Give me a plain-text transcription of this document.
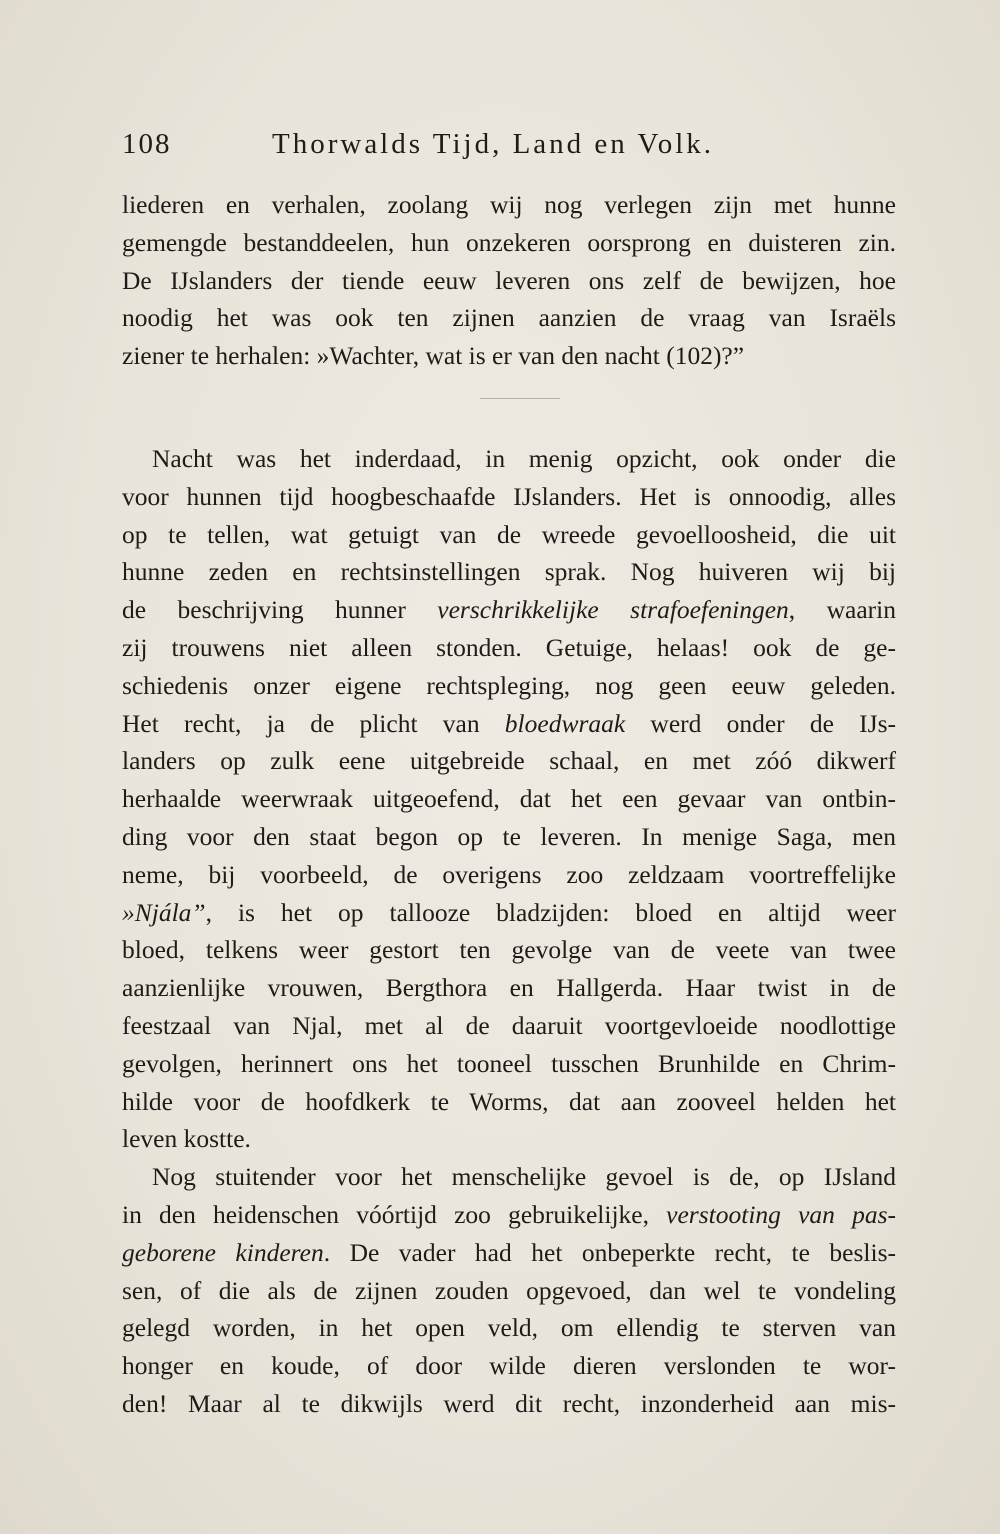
108	Thorwalds Tijd, Land en Volk.
liederen en verhalen, zoolang wij nog verlegen zijn met hunne
gemengde bestanddeelen, hun onzekeren oorsprong en duisteren zin.
De IJslanders der tiende eeuw leveren ons zelf de bewijzen, hoe
noodig het was ook ten zijnen aanzien de vraag van Israëls
ziener te herhalen: »Wachter, wat is er van den nacht (102)?”
Nacht was het inderdaad, in menig opzicht, ook onder die
voor hunnen tijd hoogbeschaafde IJslanders. Het is onnoodig, alles
op te tellen, wat getuigt van de wreede gevoelloosheid, die uit
hunne zeden en rechtsinstellingen sprak. Nog huiveren wij bij
de beschrijving hunner verschrikkelijke strafoefeningen, waarin
zij trouwens niet alleen stonden. Getuige, helaas! ook de ge-
schiedenis onzer eigene rechtspleging, nog geen eeuw geleden.
Het recht, ja de plicht van bloedwraak werd onder de IJs-
landers op zulk eene uitgebreide schaal, en met zóó dikwerf
herhaalde weerwraak uitgeoefend, dat het een gevaar van ontbin-
ding voor den staat begon op te leveren. In menige Saga, men
neme, bij voorbeeld, de overigens zoo zeldzaam voortreffelijke
»Njála”, is het op tallooze bladzijden: bloed en altijd weer
bloed, telkens weer gestort ten gevolge van de veete van twee
aanzienlijke vrouwen, Bergthora en Hallgerda. Haar twist in de
feestzaal van Njal, met al de daaruit voortgevloeide noodlottige
gevolgen, herinnert ons het tooneel tusschen Brunhilde en Chrim-
hilde voor de hoofdkerk te Worms, dat aan zooveel helden het
leven kostte.
Nog stuitender voor het menschelijke gevoel is de, op IJsland
in den heidenschen vóórtijd zoo gebruikelijke, verstooting van pas-
geborene kinderen. De vader had het onbeperkte recht, te beslis-
sen, of die als de zijnen zouden opgevoed, dan wel te vondeling
gelegd worden, in het open veld, om ellendig te sterven van
honger en koude, of door wilde dieren verslonden te wor-
den! Maar al te dikwijls werd dit recht, inzonderheid aan mis-
